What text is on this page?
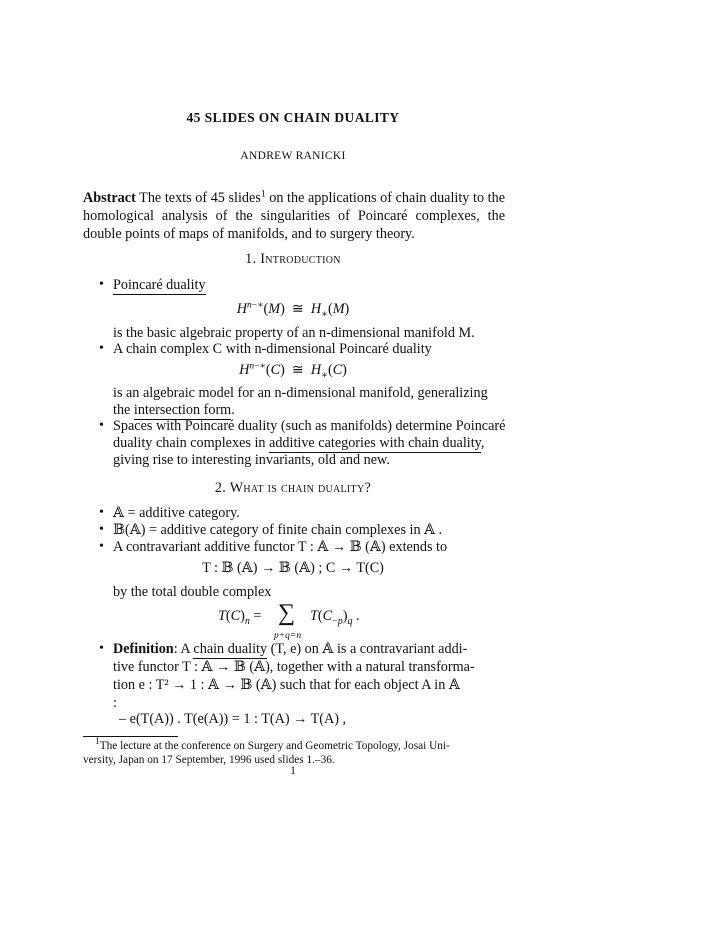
45 SLIDES ON CHAIN DUALITY
ANDREW RANICKI
Abstract The texts of 45 slides$^1$ on the applications of chain duality to the homological analysis of the singularities of Poincaré complexes, the double points of maps of manifolds, and to surgery theory.
1. Introduction
• Poincaré duality
$H^{n-∗}(M)$  ≅  $H_∗(M)$
is the basic algebraic property of an n-dimensional manifold M.
• A chain complex C with n-dimensional Poincaré duality
$H^{n-∗}(C)$  ≅  $H_∗(C)$
is an algebraic model for an n-dimensional manifold, generalizing
the intersection form.
• Spaces with Poincaré duality (such as manifolds) determine Poincaré
duality chain complexes in additive categories with chain duality,
giving rise to interesting invariants, old and new.
2. What is chain duality?
• 𝔸 = additive category.
• 𝔹(𝔸) = additive category of finite chain complexes in 𝔸 .
• A contravariant additive functor T : 𝔸 → 𝔹 (𝔸) extends to
T : 𝔹 (𝔸) → 𝔹 (𝔸) ; C → T(C)
by the total double complex
$T(C)_n$ = ∑
p+q=n
$T(C_{-p})_q$ .
• Definition: A chain duality (T, e) on 𝔸 is a contravariant addi-
tive functor T : 𝔸 → 𝔹 (𝔸), together with a natural transforma-
tion e : T² → 1 : 𝔸 → 𝔹 (𝔸) such that for each object A in 𝔸
:
– e(T(A)) . T(e(A)) = 1 : T(A) → T(A) ,
$^1$The lecture at the conference on Surgery and Geometric Topology, Josai Uni-
versity, Japan on 17 September, 1996 used slides 1.–36.
1
